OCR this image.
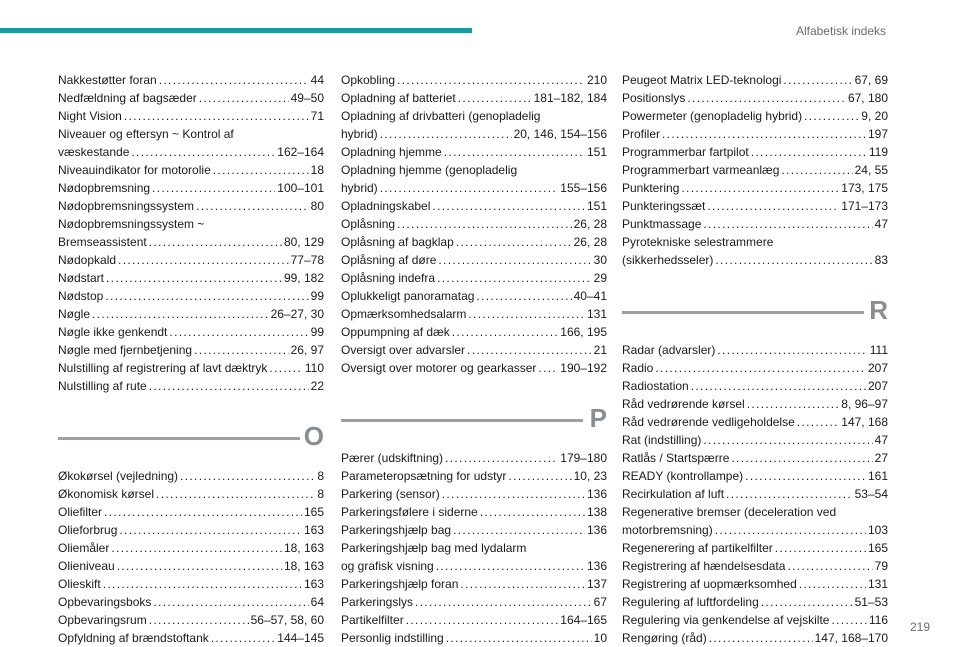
Alfabetisk indeks
Nakkestøtter foran . . .	44
Nedfældning af bagsæder . . .	49–50
Night Vision . . .	71
Niveauer og eftersyn ~ Kontrol af
væskestande . . .	162–164
Niveauindikator for motorolie . . .	18
Nødopbremsning . . .	100–101
Nødopbremsningssystem . . .	80
Nødopbremsningssystem ~
Bremseassistent . . .	80, 129
Nødopkald . . .	77–78
Nødstart . . .	99, 182
Nødstop . . .	99
Nøgle . . .	26–27, 30
Nøgle ikke genkendt . . .	99
Nøgle med fjernbetjening . . .	26, 97
Nulstilling af registrering af lavt dæktryk . . .	110
Nulstilling af rute . . .	22
O
Økokørsel (vejledning) . . .	8
Økonomisk kørsel . . .	8
Oliefilter . . .	165
Olieforbrug . . .	163
Oliemåler . . .	18, 163
Olieniveau . . .	18, 163
Olieskift . . .	163
Opbevaringsboks . . .	64
Opbevaringsrum . . .	56–57, 58, 60
Opfyldning af brændstoftank . . .	144–145
Opkobling . . .	210
Opladning af batteriet . . .	181–182, 184
Opladning af drivbatteri (genopladelig
hybrid) . . .	20, 146, 154–156
Opladning hjemme . . .	151
Opladning hjemme (genopladelig
hybrid) . . .	155–156
Opladningskabel . . .	151
Oplåsning . . .	26, 28
Oplåsning af bagklap . . .	26, 28
Oplåsning af døre . . .	30
Oplåsning indefra . . .	29
Oplukkeligt panoramatag . . .	40–41
Opmærksomhedsalarm . . .	131
Oppumpning af dæk . . .	166, 195
Oversigt over advarsler . . .	21
Oversigt over motorer og gearkasser . . . 190–192
P
Pærer (udskiftning) . . .	179–180
Parameteropsætning for udstyr . . .	10, 23
Parkering (sensor) . . .	136
Parkeringsfølere i siderne . . .	138
Parkeringshjælp bag . . .	136
Parkeringshjælp bag med lydalarm
og grafisk visning . . .	136
Parkeringshjælp foran . . .	137
Parkeringslys . . .	67
Partikelfilter . . .	164–165
Personlig indstilling . . .	10
Peugeot Matrix LED-teknologi . . .	67, 69
Positionslys . . .	67, 180
Powermeter (genopladelig hybrid) . . .	9, 20
Profiler . . .	197
Programmerbar fartpilot . . .	119
Programmerbart varmeanlæg . . .	24, 55
Punktering . . .	173, 175
Punkteringssæt . . .	171–173
Punktmassage . . .	47
Pyrotekniske selestrammere
(sikkerhedsseler) . . .	83
R
Radar (advarsler) . . .	111
Radio . . .	207
Radiostation . . .	207
Råd vedrørende kørsel . . .	8, 96–97
Råd vedrørende vedligeholdelse . . .	147, 168
Rat (indstilling) . . .	47
Ratlås / Startspærre . . .	27
READY (kontrollampe) . . .	161
Recirkulation af luft . . .	53–54
Regenerative bremser (deceleration ved
motorbremsning) . . .	103
Regenerering af partikelfilter . . .	165
Registrering af hændelsesdata . . .	79
Registrering af uopmærksomhed . . .	131
Regulering af luftfordeling . . .	51–53
Regulering via genkendelse af vejskilte . . .	116
Rengøring (råd) . . .	147, 168–170
219
